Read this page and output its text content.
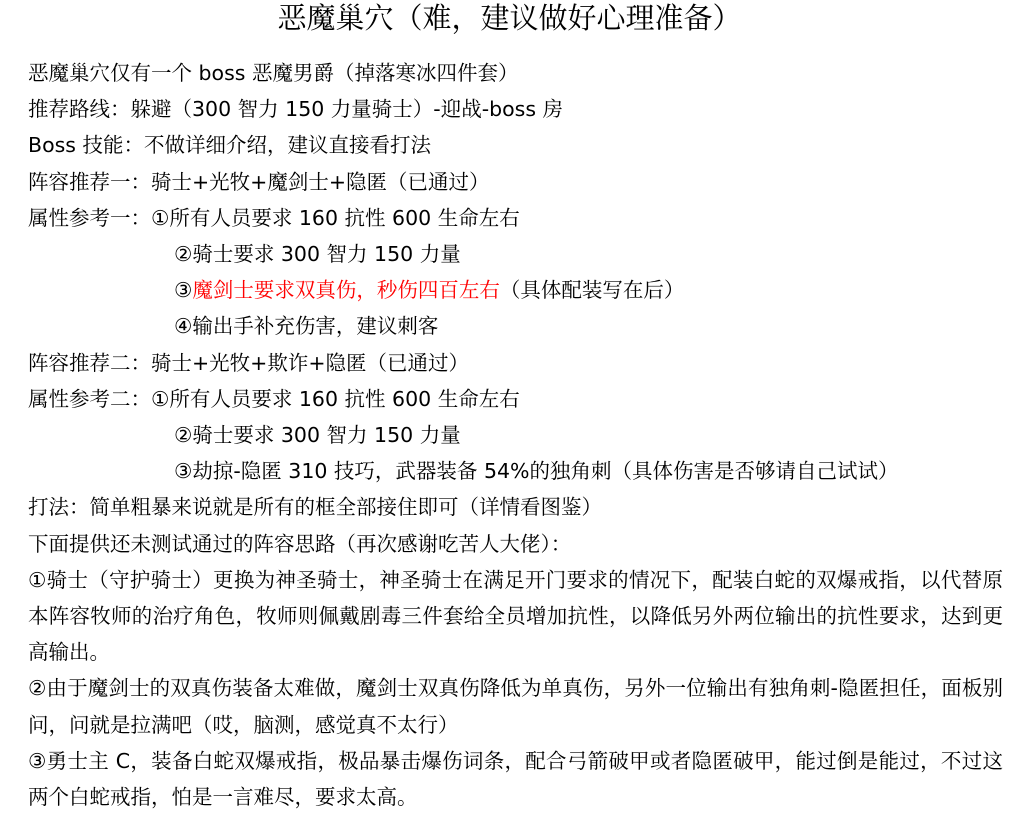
恶魔巢穴（难，建议做好心理准备）

恶魔巢穴仅有一个 boss 恶魔男爵（掉落寒冰四件套）

推荐路线：躲避（300 智力 150 力量骑士）-迎战-boss 房

Boss 技能：不做详细介绍，建议直接看打法

阵容推荐一：骑士+光牧+魔剑士+隐匿（已通过）

属性参考一：①所有人员要求 160 抗性 600 生命左右

②骑士要求 300 智力 150 力量

③魔剑士要求双真伤，秒伤四百左右（具体配装写在后）

④输出手补充伤害，建议刺客

阵容推荐二：骑士+光牧+欺诈+隐匿（已通过）

属性参考二：①所有人员要求 160 抗性 600 生命左右

②骑士要求 300 智力 150 力量

③劫掠-隐匿 310 技巧，武器装备 54%的独角刺（具体伤害是否够请自己试试）

打法：简单粗暴来说就是所有的框全部接住即可（详情看图鉴）

下面提供还未测试通过的阵容思路（再次感谢吃苦人大佬）：

①骑士（守护骑士）更换为神圣骑士，神圣骑士在满足开门要求的情况下，配装白蛇的双爆戒指，以代替原本阵容牧师的治疗角色，牧师则佩戴剧毒三件套给全员增加抗性，以降低另外两位输出的抗性要求，达到更高输出。

②由于魔剑士的双真伤装备太难做，魔剑士双真伤降低为单真伤，另外一位输出有独角刺-隐匿担任，面板别问，问就是拉满吧（哎，脑测，感觉真不太行）

③勇士主 C，装备白蛇双爆戒指，极品暴击爆伤词条，配合弓箭破甲或者隐匿破甲，能过倒是能过，不过这两个白蛇戒指，怕是一言难尽，要求太高。
